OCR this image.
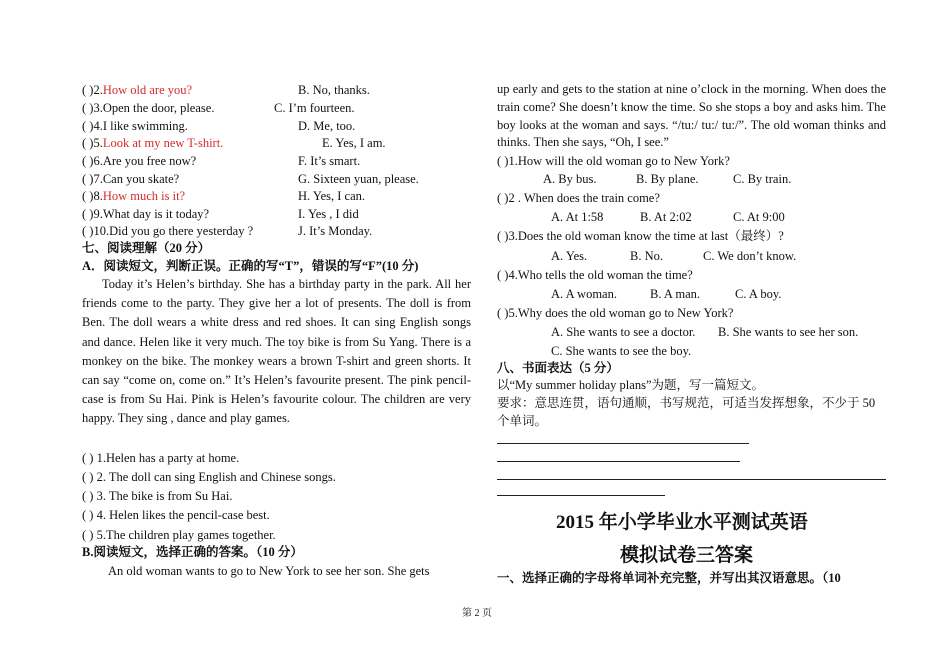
( )2.How old are you?	B. No, thanks.
( )3.Open the door, please.	C. I’m fourteen.
( )4.I like swimming.	D. Me, too.
( )5.Look at my new T-shirt.	E. Yes, I am.
( )6.Are you free now?	F. It’s smart.
( )7.Can you skate?	G. Sixteen yuan, please.
( )8.How much is it?	H. Yes, I can.
( )9.What day is it today?	I. Yes , I did
( )10.Did you go there yesterday ?	J. It’s Monday.
七、阅读理解（20 分）
A．阅读短文，判断正误。正确的写“T”，错误的写“F”(10 分)
Today it’s Helen’s birthday. She has a birthday party in the park. All her friends come to the party. They give her a lot of presents. The doll is from Ben. The doll wears a white dress and red shoes. It can sing English songs and dance. Helen like it very much. The toy bike is from Su Yang. There is a monkey on the bike. The monkey wears a brown T-shirt and green shorts. It can say “come on, come on.” It’s Helen’s favourite present. The pink pencil-case is from Su Hai. Pink is Helen’s favourite colour. The children are very happy. They sing , dance and play games.
( ) 1.Helen has a party at home.
( ) 2. The doll can sing English and Chinese songs.
( ) 3. The bike is from Su Hai.
( ) 4. Helen likes the pencil-case best.
( ) 5.The children play games together.
B.阅读短文，选择正确的答案。（10 分）
An old woman wants to go to New York to see her son. She gets
up early and gets to the station at nine o’clock in the morning. When does the train come? She doesn’t know the time. So she stops a boy and asks him. The boy looks at the woman and says. “/tu:/ tu:/ tu:/”. The old woman thinks and thinks. Then she says, “Oh, I see.”
( )1.How will the old woman go to New York?
A. By bus.	B. By plane.	C. By train.
( )2 . When does the train come?
A. At 1:58	B. At 2:02	C. At 9:00
( )3.Does the old woman know the time at last（最终）?
A. Yes.	B. No.	C. We don’t know.
( )4.Who tells the old woman the time?
A. A woman.	B. A man.	C. A boy.
( )5.Why does the old woman go to New York?
A. She wants to see a doctor. B. She wants to see her son.
C. She wants to see the boy.
八、书面表达（5 分）
以“My summer holiday plans”为题，写一篇短文。
要求：意思连贯，语句通顺，书写规范，可适当发挥想象，不少于 50 个单词。
2015 年小学毕业水平测试英语
模拟试卷三答案
一、选择正确的字母将单词补充完整，并写出其汉语意思。（10
第 2 页
